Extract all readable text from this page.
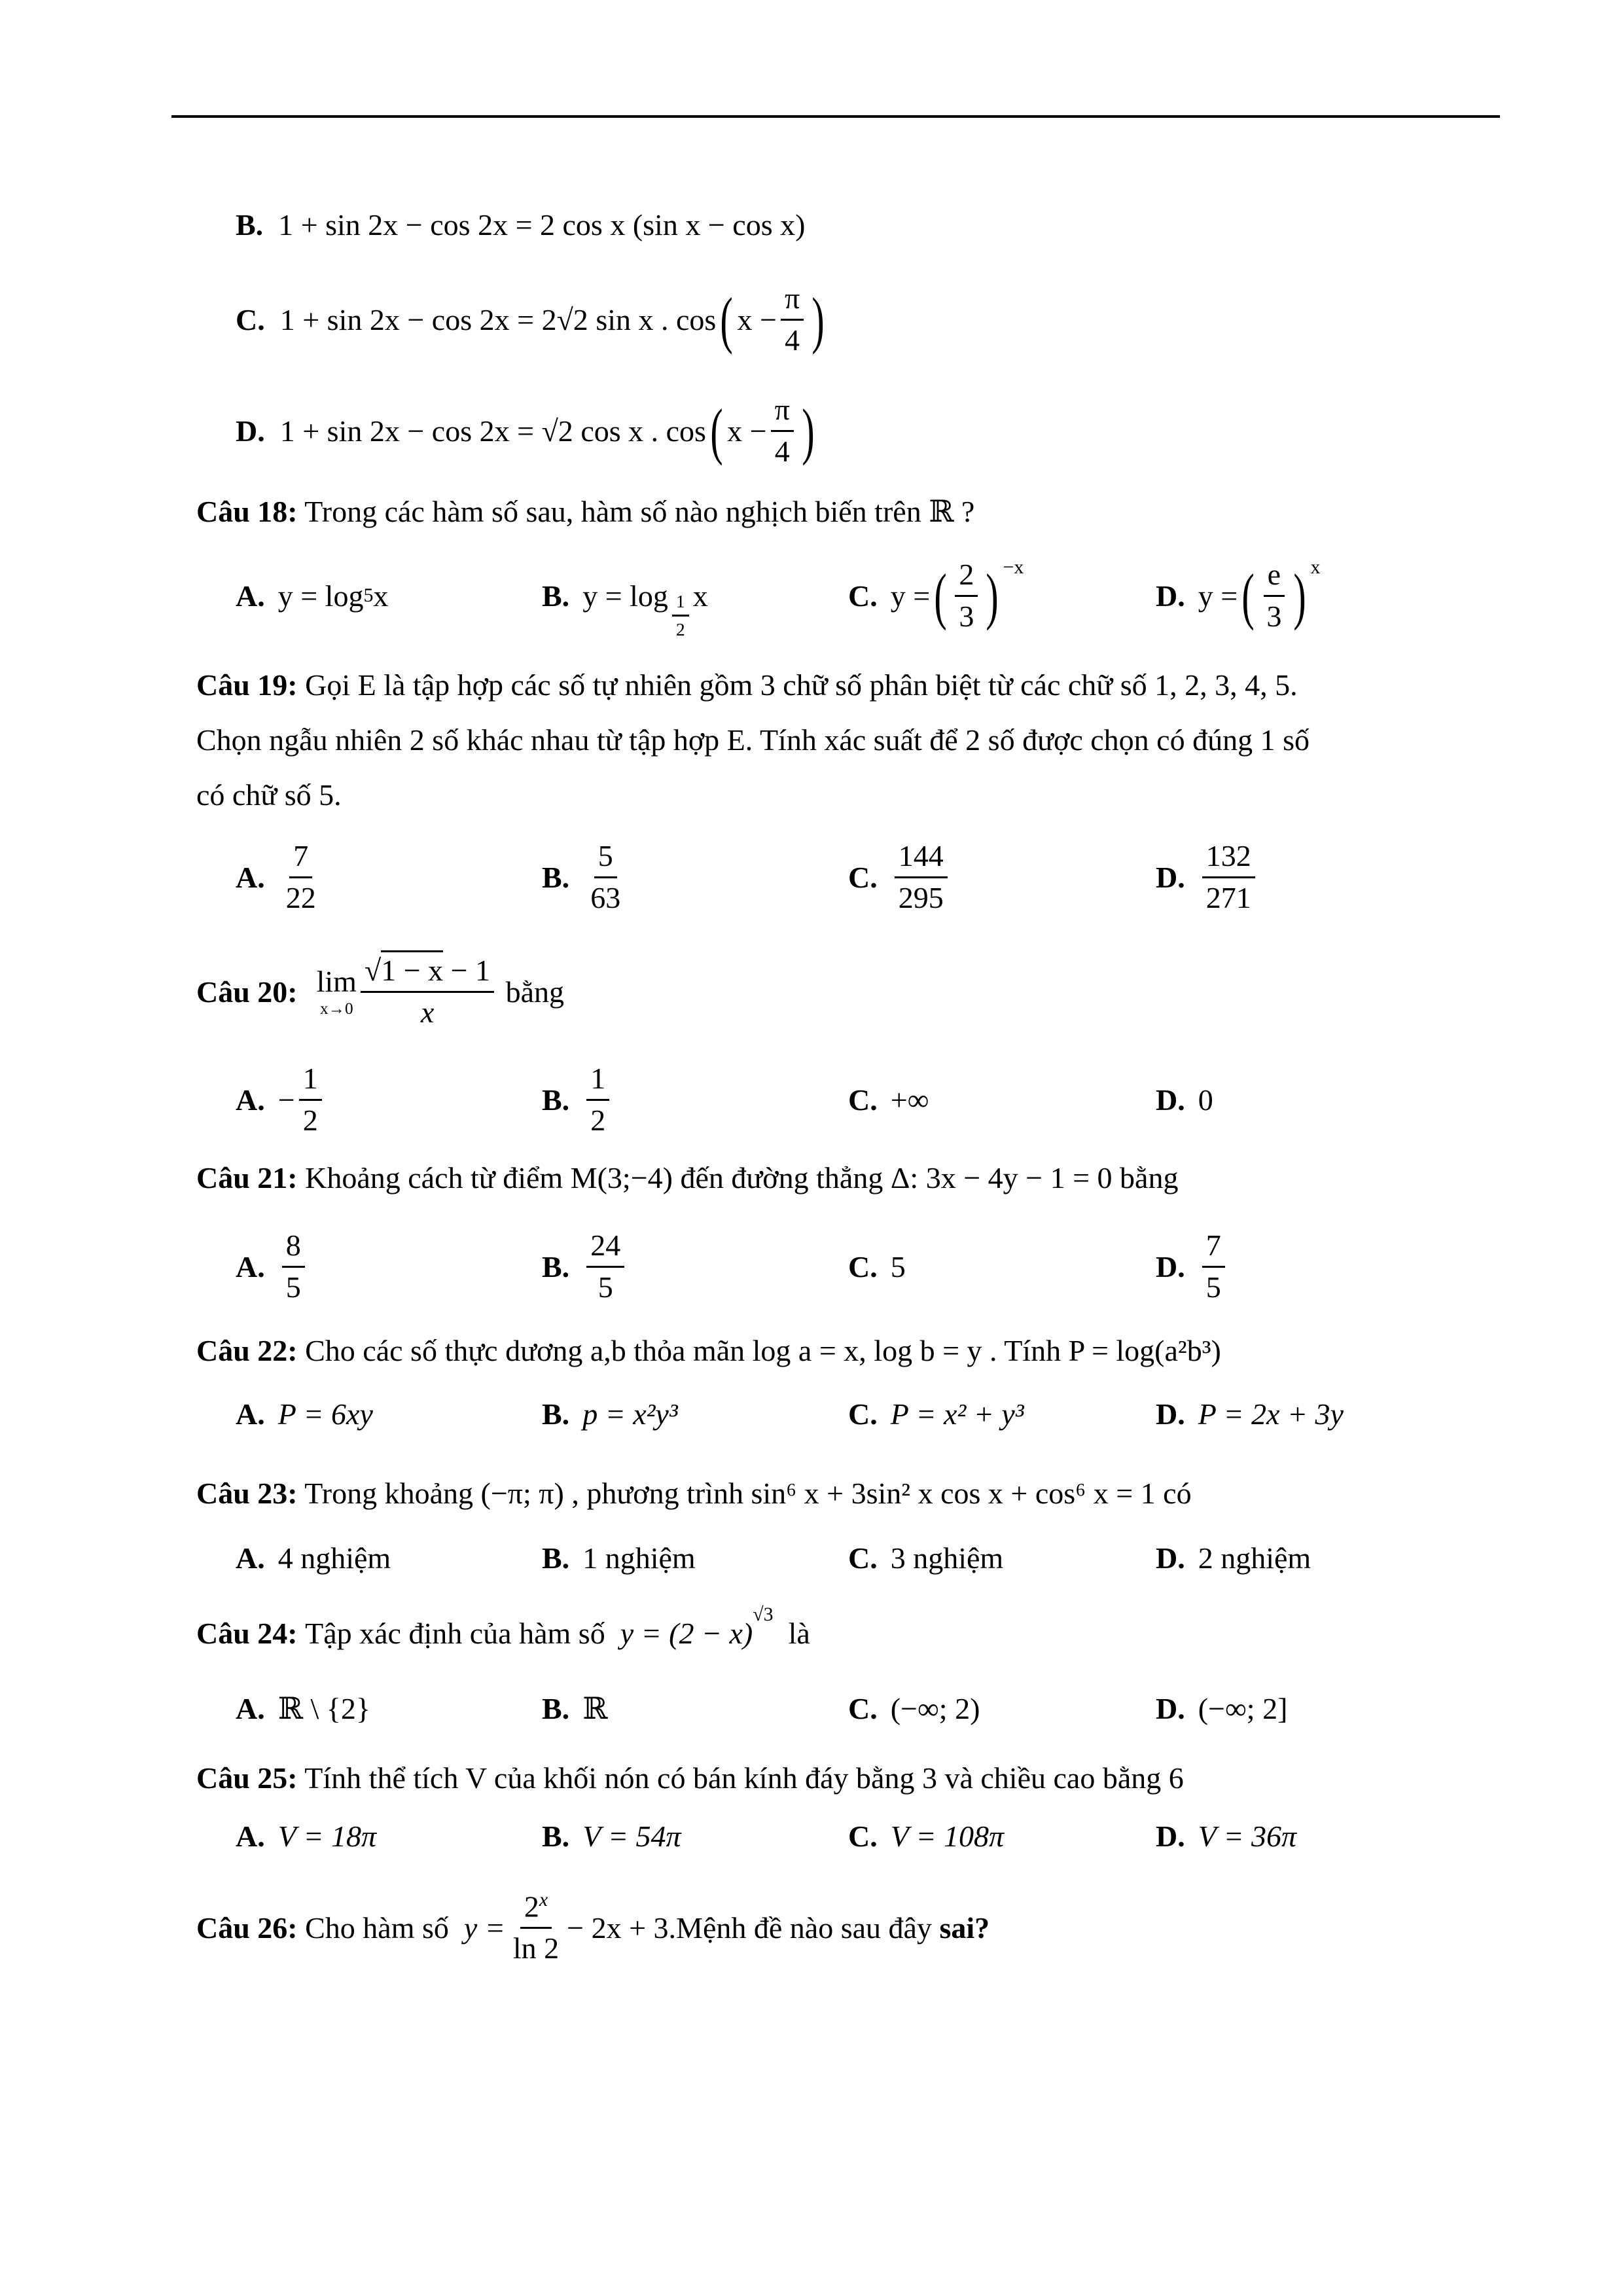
B.
1 + sin 2x − cos 2x =
2 cos x (sin x − cos x)
C.
1 + sin 2x − cos 2x =
2√2
sin x . cos ( $x - \frac{\pi}{4}$ )
D.
1 + sin 2x − cos 2x =
√2
cos x . cos ( $x - \frac{\pi}{4}$ )
Câu 18: Trong các hàm số sau, hàm số nào nghịch biến trên ℝ ?
A. y = log 5 x	B. $y = \log \frac{1}{2}$ x	C. y = ( $\frac{2}{3}$ ) −x
D. y = ( $\frac{e}{3}$ ) x
Câu 19: Gọi E là tập hợp các số tự nhiên gồm 3 chữ số phân biệt từ các chữ số 1, 2, 3, 4, 5.
Chọn ngẫu nhiên 2 số khác nhau từ tập hợp E. Tính xác suất để 2 số được chọn có đúng 1 số
có chữ số 5.
A. $\frac{7}{22}$	B. $\frac{5}{63}$	C. $\frac{144}{295}$	D. $\frac{132}{271}$
Câu 20:
lim
$x\to 0 \frac{√1 - x - 1}{x}$
bằng
A. − $\frac{1}{2}$	B. $\frac{1}{2}$	C. +∞	D. 0
Câu 21: Khoảng cách từ điểm M(3;−4) đến đường thẳng Δ: 3x − 4y − 1 = 0 bằng
A. $\frac{8}{5}$	B. $\frac{24}{5}$	C. 5	D. $\frac{7}{5}$
Câu 22: Cho các số thực dương a,b thỏa mãn log a = x, log b = y . Tính P = log(a²b³)
A. P = 6xy	B. p = x²y³	C. P = x² + y³	D. P = 2x + 3y
Câu 23: Trong khoảng (−π; π) , phương trình sin⁶ x + 3sin² x cos x + cos⁶ x = 1 có
A. 4 nghiệm	B. 1 nghiệm	C. 3 nghiệm	D. 2 nghiệm
Câu 24:
Tập xác định của hàm số
y = (2 − x)
√3

là
A. ℝ \ {2}	B. ℝ	C. (−∞; 2)	D. (−∞; 2]
Câu 25: Tính thể tích V của khối nón có bán kính đáy bằng 3 và chiều cao bằng 6
A. V = 18π	B. V = 54π	C. V = 108π	D. V = 36π
Câu 26:
Cho hàm số
$y = \frac{2^x}{\ln 2} - 2x + 3$ .Mệnh đề nào sau đây
sai?
